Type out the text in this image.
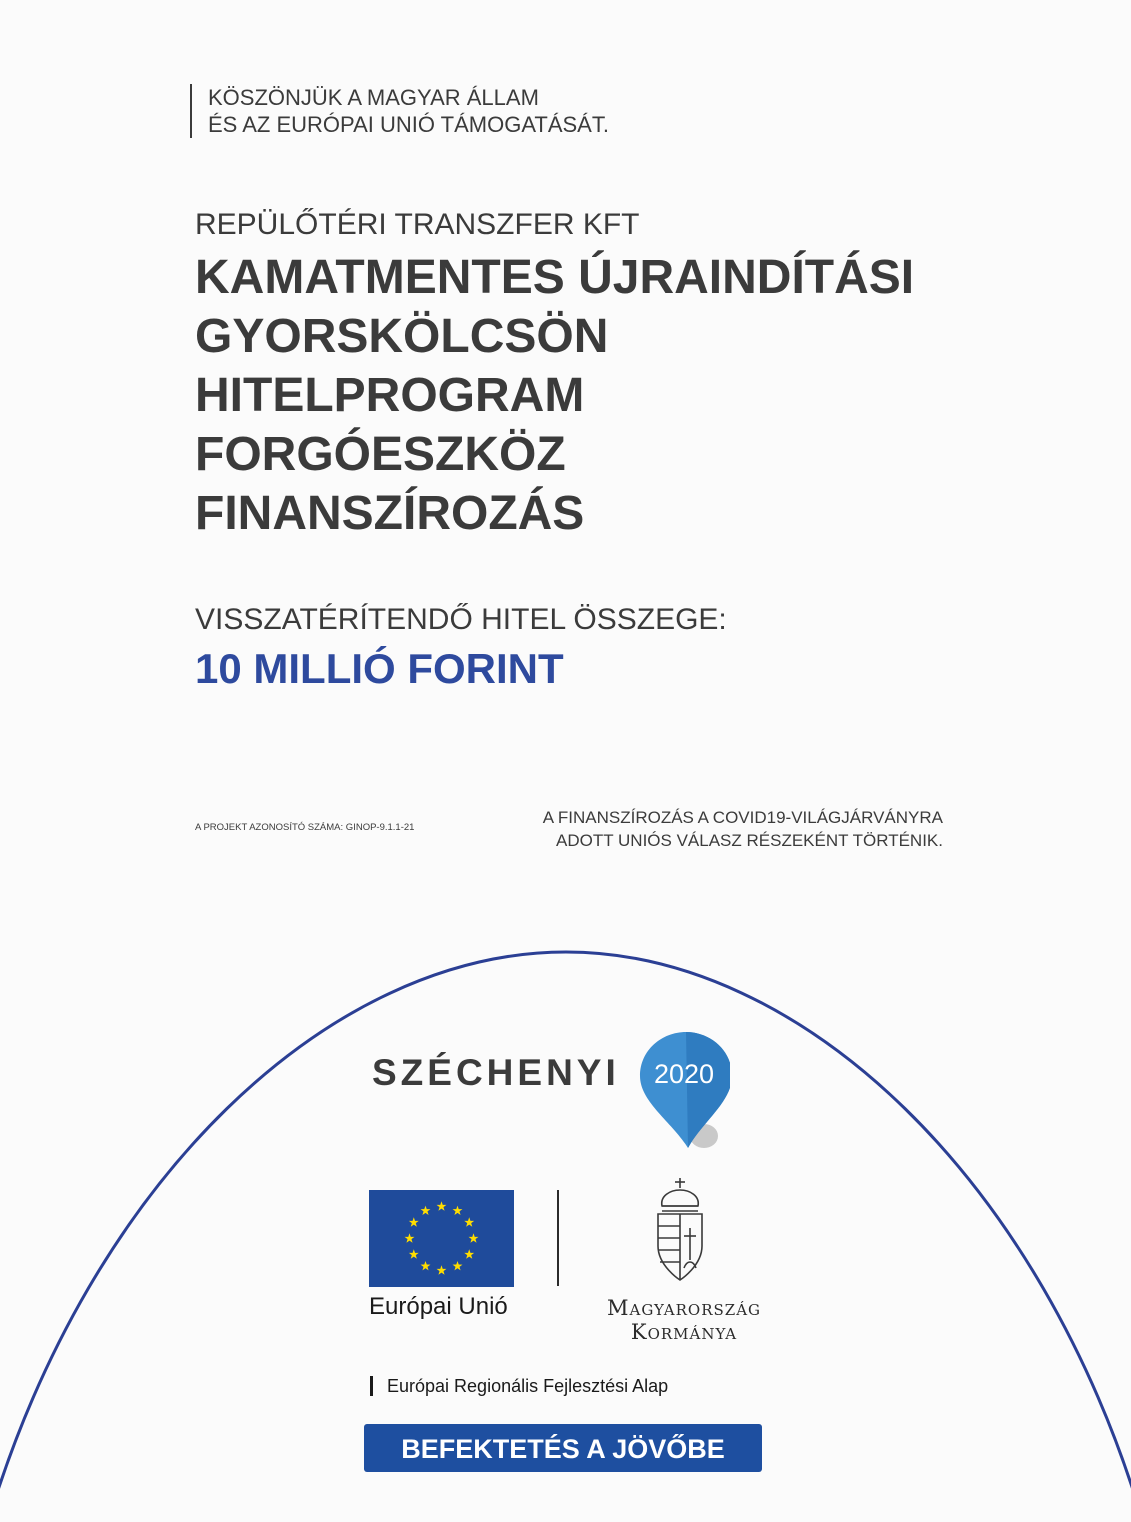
KÖSZÖNJÜK A MAGYAR ÁLLAM
ÉS AZ EURÓPAI UNIÓ TÁMOGATÁSÁT.
REPÜLŐTÉRI TRANSZFER KFT
KAMATMENTES ÚJRAINDÍTÁSI
GYORSKÖLCSÖN
HITELPROGRAM
FORGÓESZKÖZ
FINANSZÍROZÁS
VISSZATÉRÍTENDŐ HITEL ÖSSZEGE:
10 MILLIÓ FORINT
A PROJEKT AZONOSÍTÓ SZÁMA: GINOP-9.1.1-21
A FINANSZÍROZÁS A COVID19-VILÁGJÁRVÁNYRA
ADOTT UNIÓS VÁLASZ RÉSZEKÉNT TÖRTÉNIK.
SZÉCHENYI	2020
Európai Unió	Magyarország
Kormánya
Európai Regionális Fejlesztési Alap
BEFEKTETÉS A JÖVŐBE
